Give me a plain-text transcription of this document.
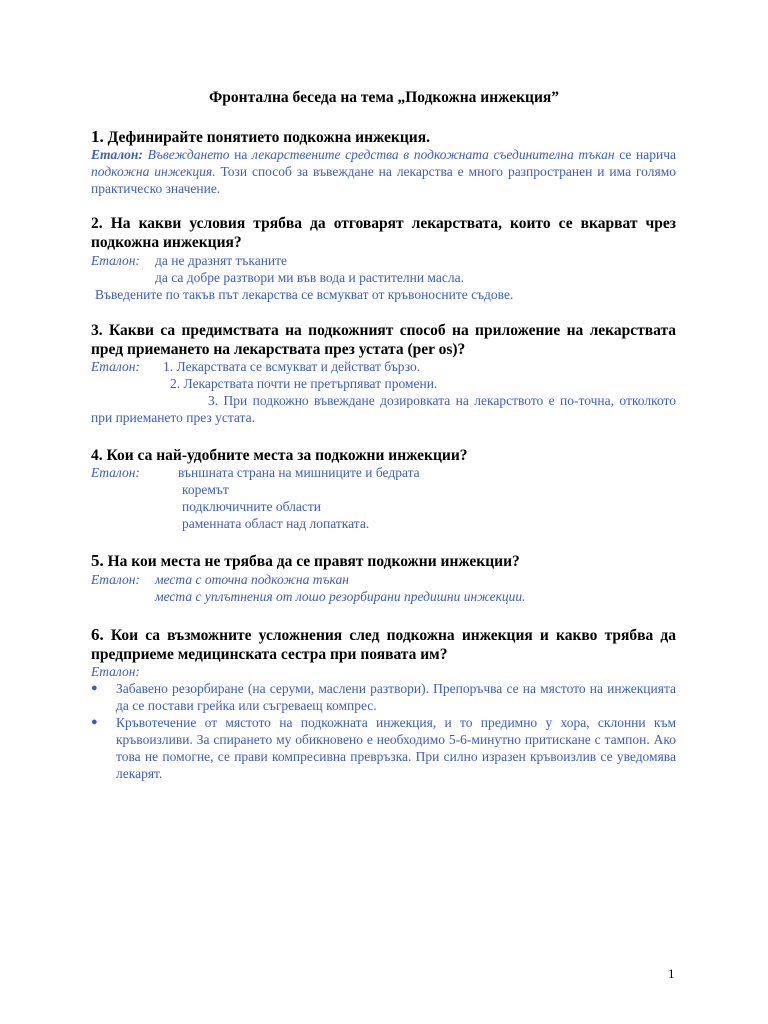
Фронтална беседа на тема „Подкожна инжекция”
1. Дефинирайте понятието подкожна инжекция.
Еталон: Въвеждането на лекарствените средства в подкожната съединителна тъкан се нарича подкожна инжекция. Този способ за въвеждане на лекарства е много разпространен и има голямо практическо значение.
2. На какви условия трябва да отговарят лекарствата, които се вкарват чрез подкожна инжекция?
Еталон: да не дразнят тъканите
да са добре разтвори ми във вода и растителни масла.
Въведените по такъв път лекарства се всмукват от кръвоносните съдове.
3. Какви са предимствата на подкожният способ на приложение на лекарствата пред приемането на лекарствата през устата (per os)?
Еталон: 1. Лекарствата се всмукват и действат бързо.
2. Лекарствата почти не претърпяват промени.
3. При подкожно въвеждане дозировката на лекарството е по-точна, отколкото при приемането през устата.
4. Кои са най-удобните места за подкожни инжекции?
Еталон:	външната страна на мишниците и бедрата
коремът
подключичните области
раменната област над лопатката.
5. На кои места не трябва да се правят подкожни инжекции?
Еталон: места с оточна подкожна тъкан
места с уплътнения от лошо резорбирани предишни инжекции.
6. Кои са възможните усложнения след подкожна инжекция и какво трябва да предприеме медицинската сестра при появата им?
Еталон:
● Забавено резорбиране (на серуми, маслени разтвори). Препоръчва се на мястото на инжекцията да се постави грейка или съгреваещ компрес.
● Кръвотечение от мястото на подкожната инжекция, и то предимно у хора, склонни към кръвоизливи. За спирането му обикновено е необходимо 5-6-минутно притискане с тампон. Ако това не помогне, се прави компресивна превръзка. При силно изразен кръвоизлив се уведомява лекарят.
1
